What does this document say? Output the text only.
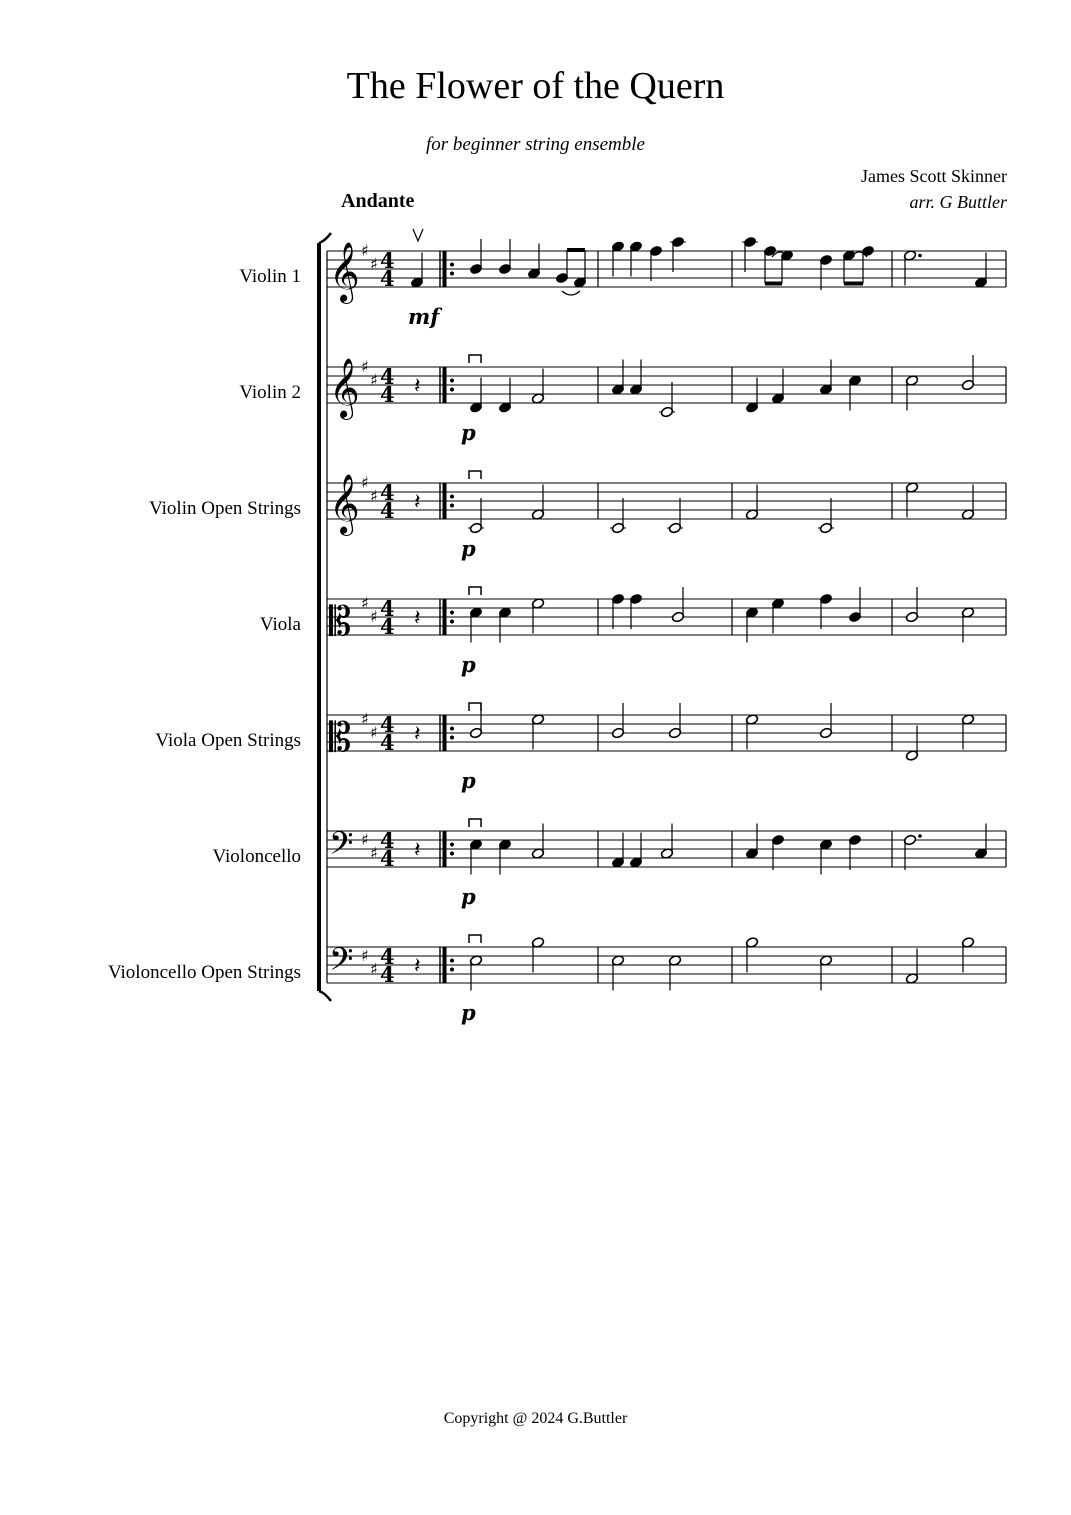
The Flower of the Quern
for beginner string ensemble
James Scott Skinner
arr. G Buttler
Andante
Violin 1
Violin 2
Violin Open Strings
Viola
Viola Open Strings
Violoncello
Violoncello Open Strings
𝄞 ♯
♯ 4
4
mf
𝄞 ♯
♯ 4
4 𝄽
p
𝄞 ♯
♯ 4
4 𝄽
p
𝄡 ♯
♯ 4
4 𝄽
p
𝄡 ♯
♯ 4
4 𝄽
p
𝄢 ♯
♯ 4
4 𝄽
p
𝄢 ♯
♯ 4
4 𝄽
p
Copyright @ 2024 G.Buttler
